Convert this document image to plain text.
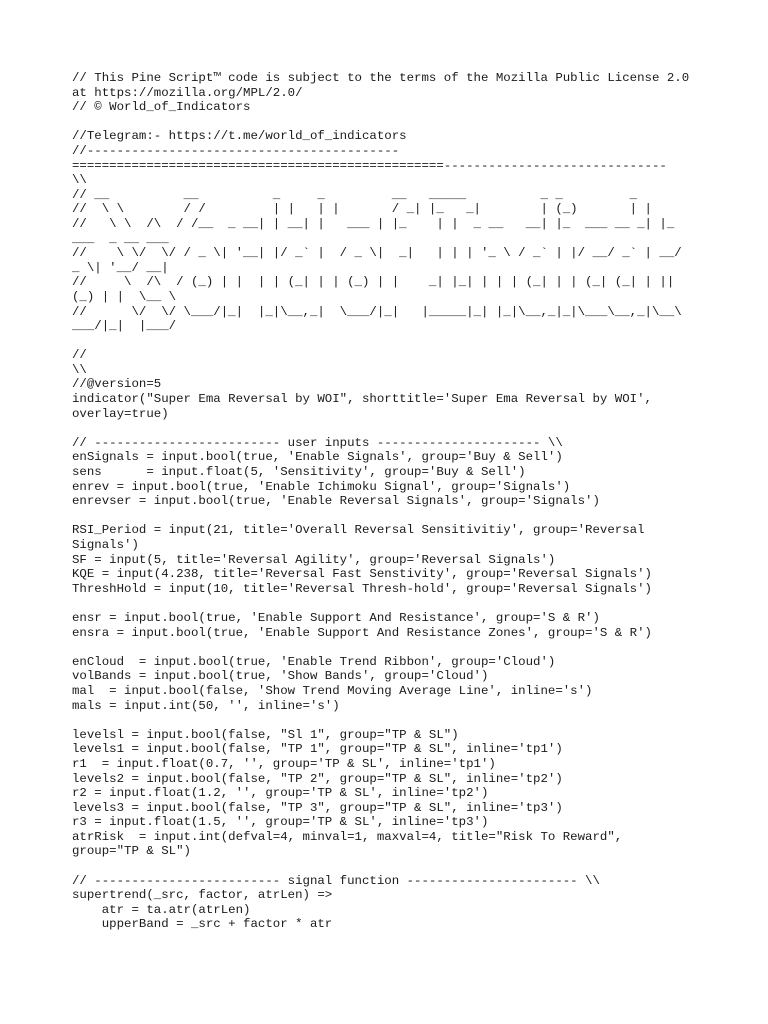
// This Pine Script™ code is subject to the terms of the Mozilla Public License 2.0
at https://mozilla.org/MPL/2.0/
// © World_of_Indicators
//Telegram:- https://t.me/world_of_indicators
//------------------------------------------
==================================================------------------------------
\\
// __          __          _     _         __   _____          _ _         _
//  \ \        / /         | |   | |       / _| |_   _|        | (_)       | |
//   \ \  /\  / /__  _ __| | __| |   ___ | |_    | |  _ __   __| |_  ___ __ _| |_
___  _ __ ___
//    \ \/  \/ / _ \| '__| |/ _` |  / _ \|  _|   | | | '_ \ / _` | |/ __/ _` | __/
_ \| '__/ __|
//     \  /\  / (_) | |  | | (_| | | (_) | |    _| |_| | | | (_| | | (_| (_| | ||
(_) | |  \__ \
//      \/  \/ \___/|_|  |_|\__,_|  \___/|_|   |_____|_| |_|\__,_|_|\___\__,_|\__\
___/|_|  |___/
//
\\
//@version=5
indicator("Super Ema Reversal by WOI", shorttitle='Super Ema Reversal by WOI',
overlay=true)
// ------------------------- user inputs ---------------------- \\
enSignals = input.bool(true, 'Enable Signals', group='Buy & Sell')
sens      = input.float(5, 'Sensitivity', group='Buy & Sell')
enrev = input.bool(true, 'Enable Ichimoku Signal', group='Signals')
enrevser = input.bool(true, 'Enable Reversal Signals', group='Signals')
RSI_Period = input(21, title='Overall Reversal Sensitivitiy', group='Reversal
Signals')
SF = input(5, title='Reversal Agility', group='Reversal Signals')
KQE = input(4.238, title='Reversal Fast Senstivity', group='Reversal Signals')
ThreshHold = input(10, title='Reversal Thresh-hold', group='Reversal Signals')
ensr = input.bool(true, 'Enable Support And Resistance', group='S & R')
ensra = input.bool(true, 'Enable Support And Resistance Zones', group='S & R')
enCloud  = input.bool(true, 'Enable Trend Ribbon', group='Cloud')
volBands = input.bool(true, 'Show Bands', group='Cloud')
mal  = input.bool(false, 'Show Trend Moving Average Line', inline='s')
mals = input.int(50, '', inline='s')
levelsl = input.bool(false, "Sl 1", group="TP & SL")
levels1 = input.bool(false, "TP 1", group="TP & SL", inline='tp1')
r1  = input.float(0.7, '', group='TP & SL', inline='tp1')
levels2 = input.bool(false, "TP 2", group="TP & SL", inline='tp2')
r2 = input.float(1.2, '', group='TP & SL', inline='tp2')
levels3 = input.bool(false, "TP 3", group="TP & SL", inline='tp3')
r3 = input.float(1.5, '', group='TP & SL', inline='tp3')
atrRisk  = input.int(defval=4, minval=1, maxval=4, title="Risk To Reward",
group="TP & SL")
// ------------------------- signal function ----------------------- \\
supertrend(_src, factor, atrLen) =>
atr = ta.atr(atrLen)
upperBand = _src + factor * atr
